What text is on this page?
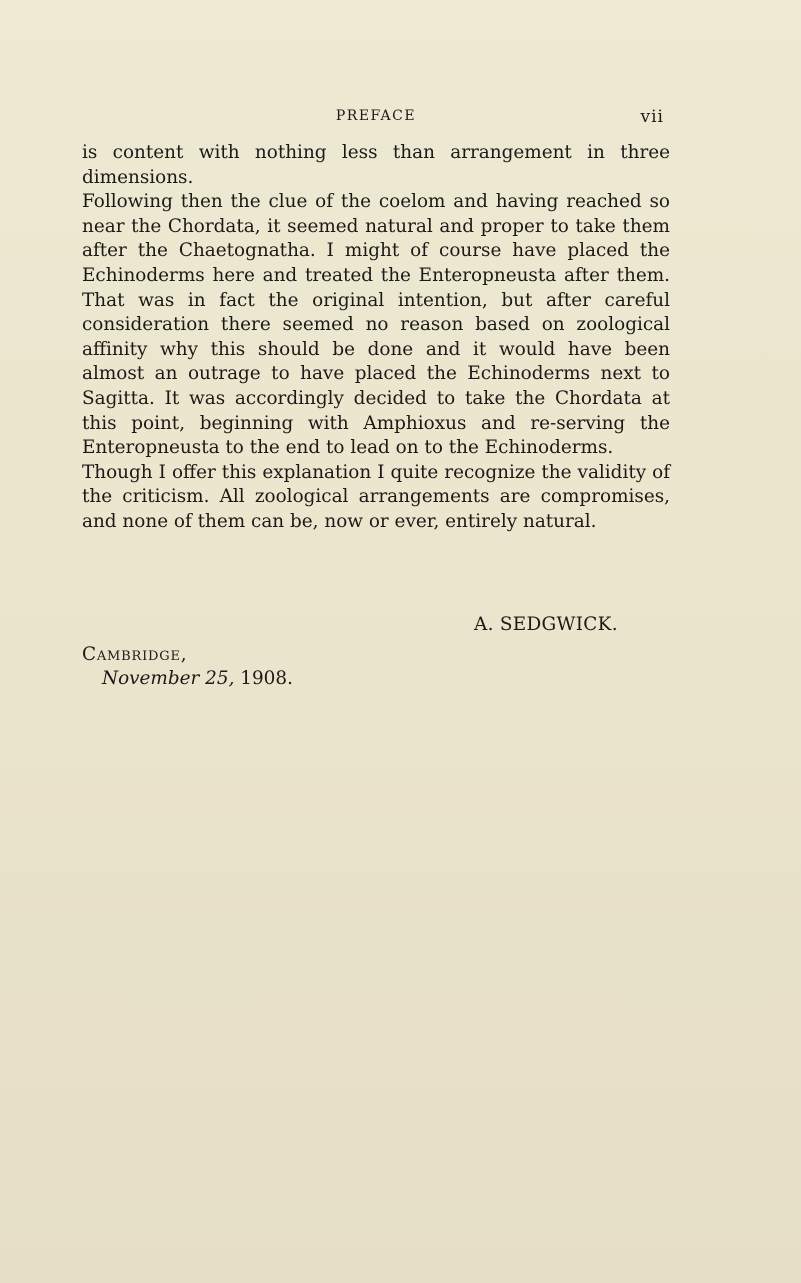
PREFACE	vii

is content with nothing less than arrangement in three dimensions.

Following then the clue of the coelom and having reached so near the Chordata, it seemed natural and proper to take them after the Chaetognatha. I might of course have placed the Echinoderms here and treated the Enteropneusta after them. That was in fact the original intention, but after careful consideration there seemed no reason based on zoological affinity why this should be done and it would have been almost an outrage to have placed the Echinoderms next to Sagitta. It was accordingly decided to take the Chordata at this point, beginning with Amphioxus and re-serving the Enteropneusta to the end to lead on to the Echinoderms.

Though I offer this explanation I quite recognize the validity of the criticism. All zoological arrangements are compromises, and none of them can be, now or ever, entirely natural.

A. SEDGWICK.
Cambridge,
November 25, 1908.
